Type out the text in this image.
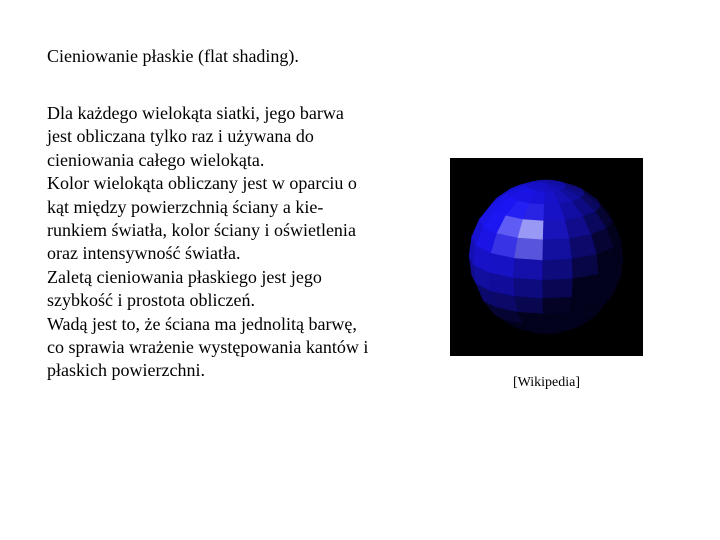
Cieniowanie płaskie (flat shading).

Dla każdego wielokąta siatki, jego barwa
jest obliczana tylko raz i używana do
cieniowania całego wielokąta.

Kolor wielokąta obliczany jest w oparciu o
kąt między powierzchnią ściany a kie-
runkiem światła, kolor ściany i oświetlenia
oraz intensywność światła.

Zaletą cieniowania płaskiego jest jego
szybkość i prostota obliczeń.

Wadą jest to, że ściana ma jednolitą barwę,
co sprawia wrażenie występowania kantów i
płaskich powierzchni.

[Wikipedia]
